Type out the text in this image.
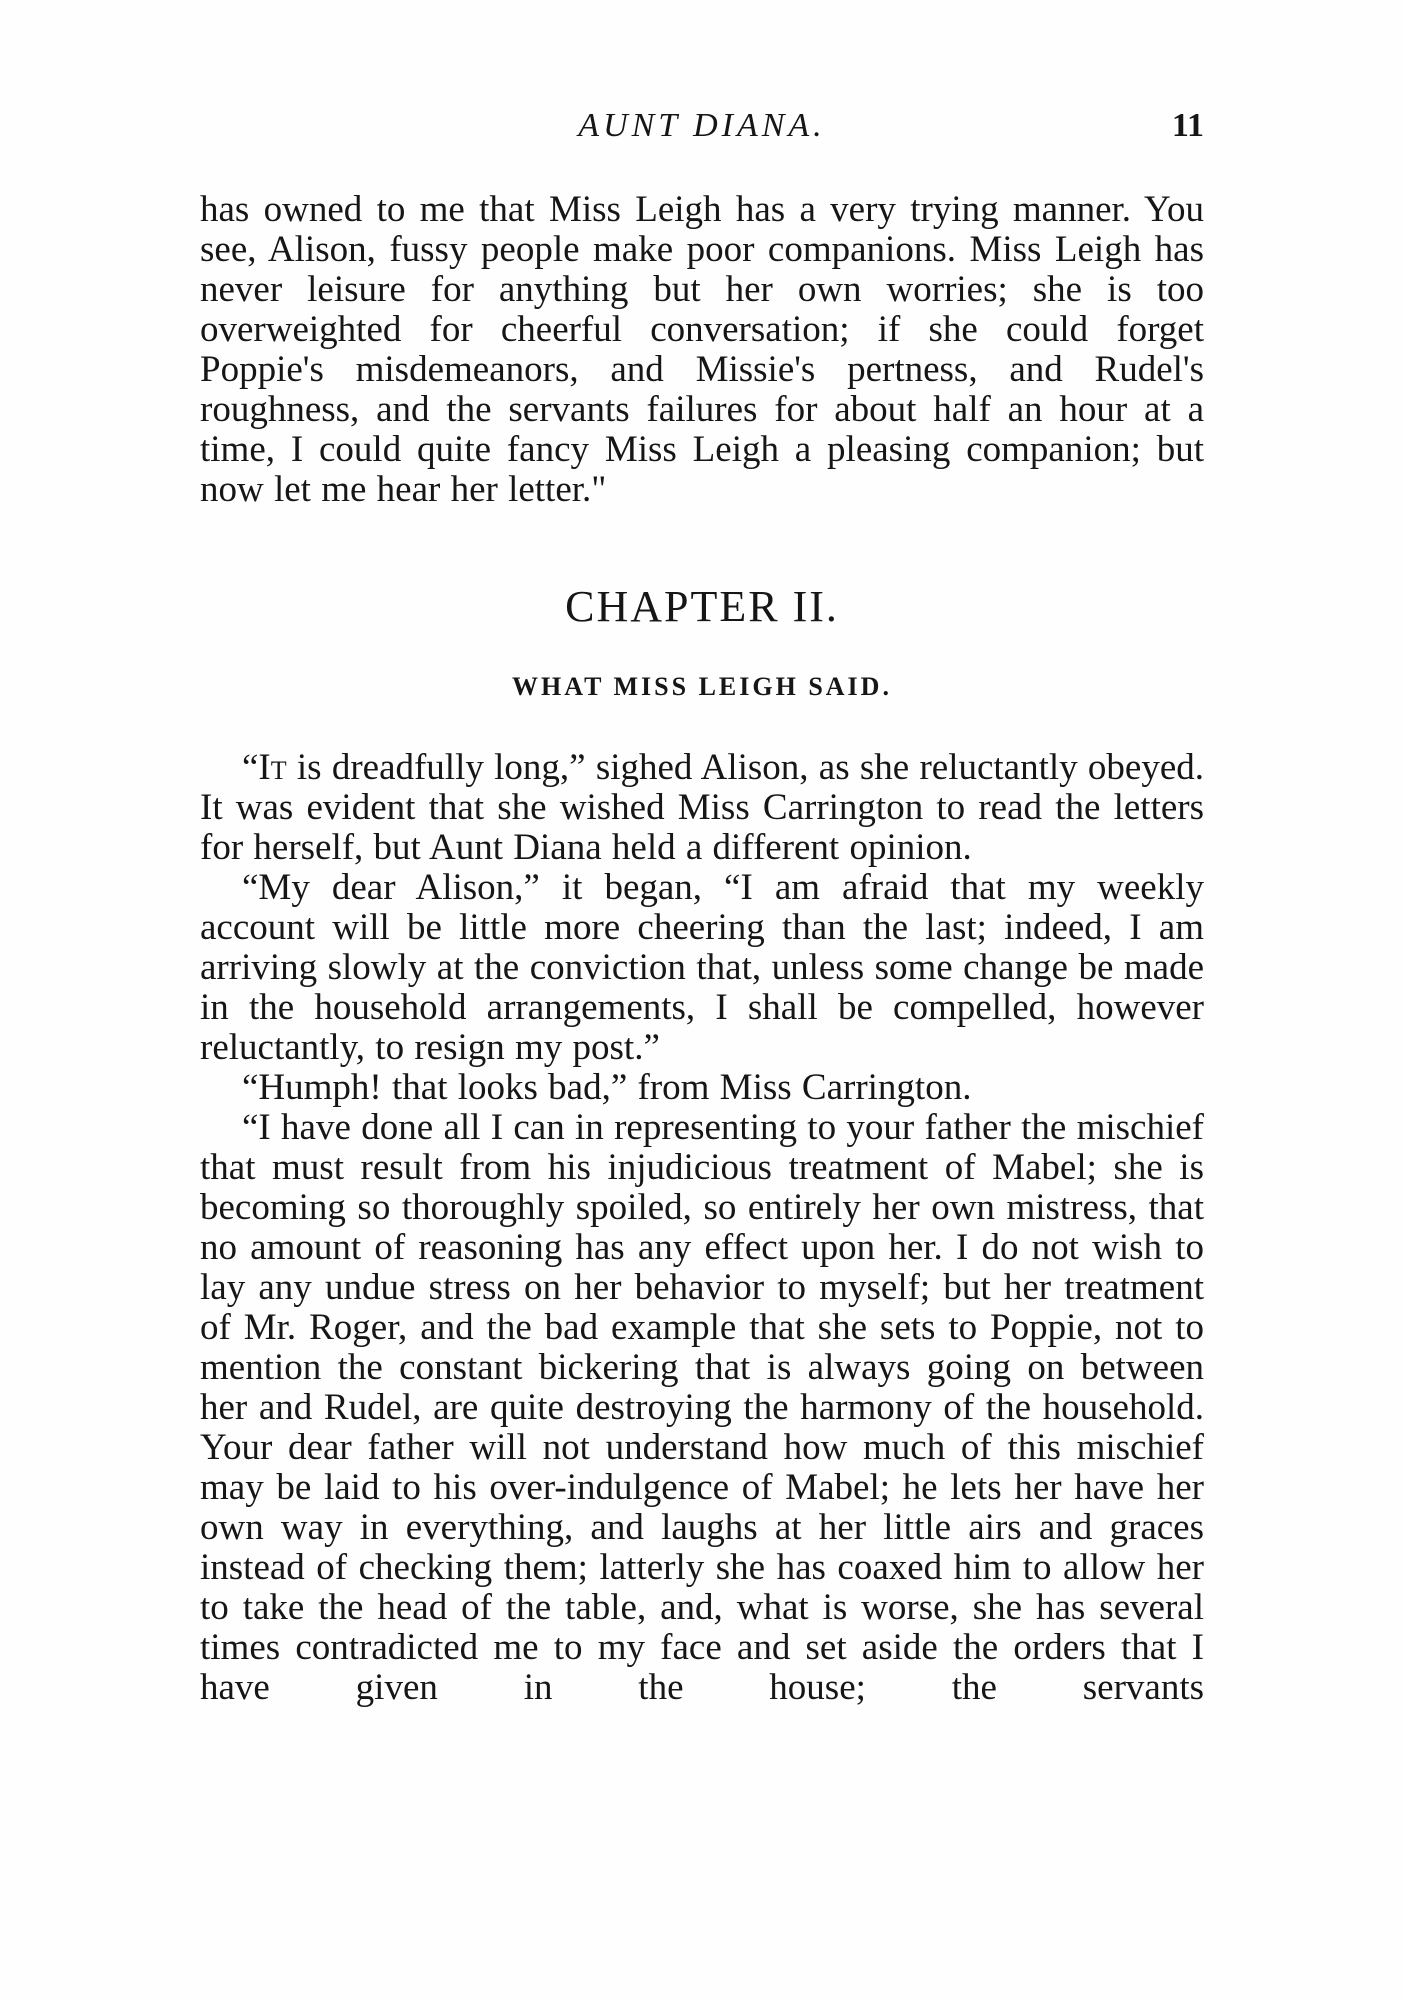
AUNT DIANA.	11

has owned to me that Miss Leigh has a very trying manner. You see, Alison, fussy people make poor companions. Miss Leigh has never leisure for anything but her own worries; she is too overweighted for cheerful conversation; if she could forget Poppie's misdemeanors, and Missie's pertness, and Rudel's roughness, and the servants failures for about half an hour at a time, I could quite fancy Miss Leigh a pleasing companion; but now let me hear her letter."

CHAPTER II.
WHAT MISS LEIGH SAID.

“It is dreadfully long,” sighed Alison, as she reluctantly obeyed. It was evident that she wished Miss Carrington to read the letters for herself, but Aunt Diana held a different opinion.

“My dear Alison,” it began, “I am afraid that my weekly account will be little more cheering than the last; indeed, I am arriving slowly at the conviction that, unless some change be made in the household arrangements, I shall be compelled, however reluctantly, to resign my post.”

“Humph! that looks bad,” from Miss Carrington.

“I have done all I can in representing to your father the mischief that must result from his injudicious treatment of Mabel; she is becoming so thoroughly spoiled, so entirely her own mistress, that no amount of reasoning has any effect upon her. I do not wish to lay any undue stress on her behavior to myself; but her treatment of Mr. Roger, and the bad example that she sets to Poppie, not to mention the constant bickering that is always going on between her and Rudel, are quite destroying the harmony of the household. Your dear father will not understand how much of this mischief may be laid to his over-indulgence of Mabel; he lets her have her own way in everything, and laughs at her little airs and graces instead of checking them; latterly she has coaxed him to allow her to take the head of the table, and, what is worse, she has several times contradicted me to my face and set aside the orders that I have given in the house; the servants
